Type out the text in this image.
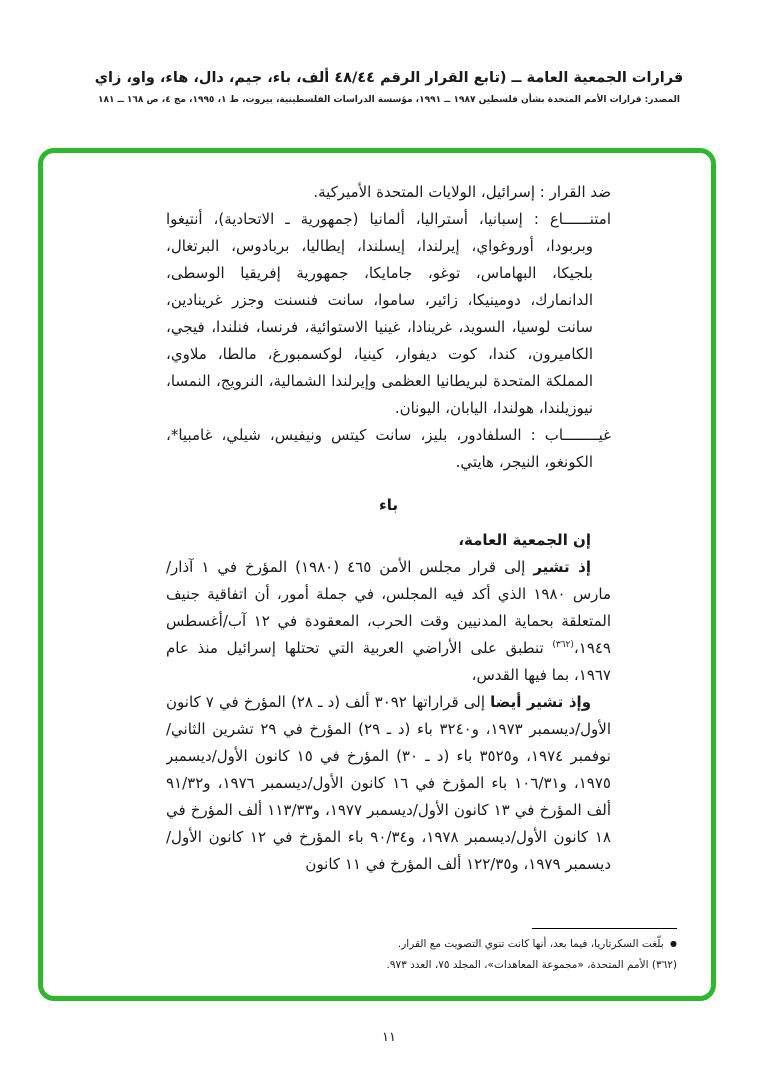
قرارات الجمعية العامة ــ (تابع القرار الرقم ٤٨/٤٤ ألف، باء، جيم، دال، هاء، واو، زاي
المصدر: قرارات الأمم المتحدة بشأن فلسطين ١٩٨٧ ــ ١٩٩١، مؤسسة الدراسات الفلسطينية، بيروت، ط ١، ١٩٩٥، مج ٤، ص ١٦٨ ــ ١٨١

ضد القرار : إسرائيل، الولايات المتحدة الأميركية.

امتنــــــاع : إسبانيا، أستراليا، ألمانيا (جمهورية ـ الاتحادية)، أنتيغوا وبربودا، أوروغواي، إيرلندا، إيسلندا، إيطاليا، بربادوس، البرتغال، بلجيكا، البهاماس، توغو، جامايكا، جمهورية إفريقيا الوسطى، الدانمارك، دومينيكا، زائير، ساموا، سانت فنسنت وجزر غرينادين، سانت لوسيا، السويد، غرينادا، غينيا الاستوائية، فرنسا، فنلندا، فيجي، الكاميرون، كندا، كوت ديفوار، كينيا، لوكسمبورغ، مالطا، ملاوي، المملكة المتحدة لبريطانيا العظمى وإيرلندا الشمالية، النرويج، النمسا، نيوزيلندا، هولندا، اليابان، اليونان.

غيــــــــاب : السلفادور، بليز، سانت كيتس ونيفيس، شيلي، غامبيا*، الكونغو، النيجر، هايتي.

باء

إن الجمعية العامة،

إذ تشير إلى قرار مجلس الأمن ٤٦٥ (١٩٨٠) المؤرخ في ١ آذار/مارس ١٩٨٠ الذي أكد فيه المجلس، في جملة أمور، أن اتفاقية جنيف المتعلقة بحماية المدنيين وقت الحرب، المعقودة في ١٢ آب/أغسطس ١٩٤٩،$^{(٣٦٢)}$ تنطبق على الأراضي العربية التي تحتلها إسرائيل منذ عام ١٩٦٧، بما فيها القدس،

وإذ تشير أيضا إلى قراراتها ٣٠٩٢ ألف (د ـ ٢٨) المؤرخ في ٧ كانون الأول/ديسمبر ١٩٧٣، و٣٢٤٠ باء (د ـ ٢٩) المؤرخ في ٢٩ تشرين الثاني/نوفمبر ١٩٧٤، و٣٥٢٥ باء (د ـ ٣٠) المؤرخ في ١٥ كانون الأول/ديسمبر ١٩٧٥، و١٠٦/٣١ باء المؤرخ في ١٦ كانون الأول/ديسمبر ١٩٧٦، و٩١/٣٢ ألف المؤرخ في ١٣ كانون الأول/ديسمبر ١٩٧٧، و١١٣/٣٣ ألف المؤرخ في ١٨ كانون الأول/ديسمبر ١٩٧٨، و٩٠/٣٤ باء المؤرخ في ١٢ كانون الأول/ديسمبر ١٩٧٩، و١٢٢/٣٥ ألف المؤرخ في ١١ كانون

● بلّغت السكرتاريا، فيما بعد، أنها كانت تنوي التصويت مع القرار.

(٣٦٢) الأمم المتحدة، «مجموعة المعاهدات»، المجلد ٧٥، العدد ٩٧٣.

١١
